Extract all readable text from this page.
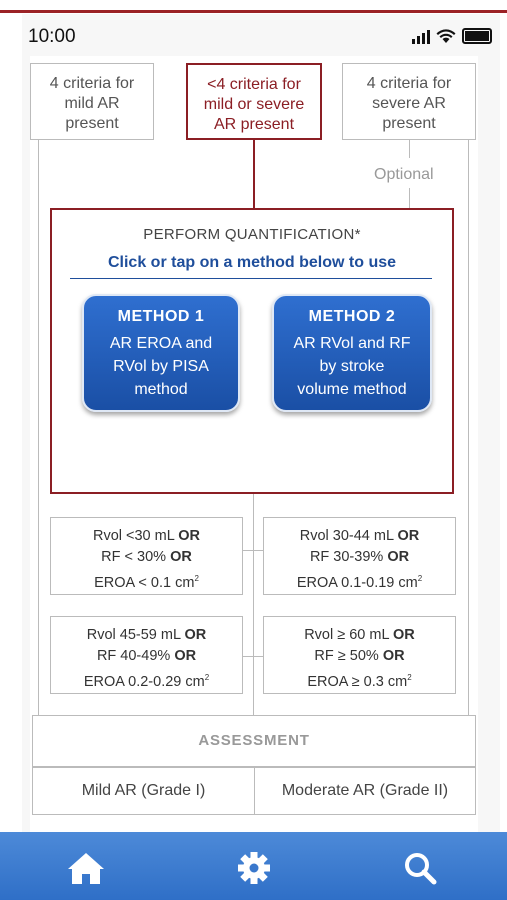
10:00
4 criteria for
mild AR
present
<4 criteria for
mild or severe
AR present
4 criteria for
severe AR
present
Optional
PERFORM QUANTIFICATION*
Click or tap on a method below to use
METHOD 1
AR EROA and
RVol by PISA
method
METHOD 2
AR RVol and RF
by stroke
volume method
Rvol <30 mL OR
RF < 30% OR
EROA < 0.1 $cm^2$
Rvol 30-44 mL OR
RF 30-39% OR
EROA 0.1-0.19 $cm^2$
Rvol 45-59 mL OR
RF 40-49% OR
EROA 0.2-0.29 $cm^2$
Rvol ≥ 60 mL OR
RF ≥ 50% OR
EROA ≥ 0.3 $cm^2$
ASSESSMENT
Mild AR (Grade I)	Moderate AR (Grade II)
